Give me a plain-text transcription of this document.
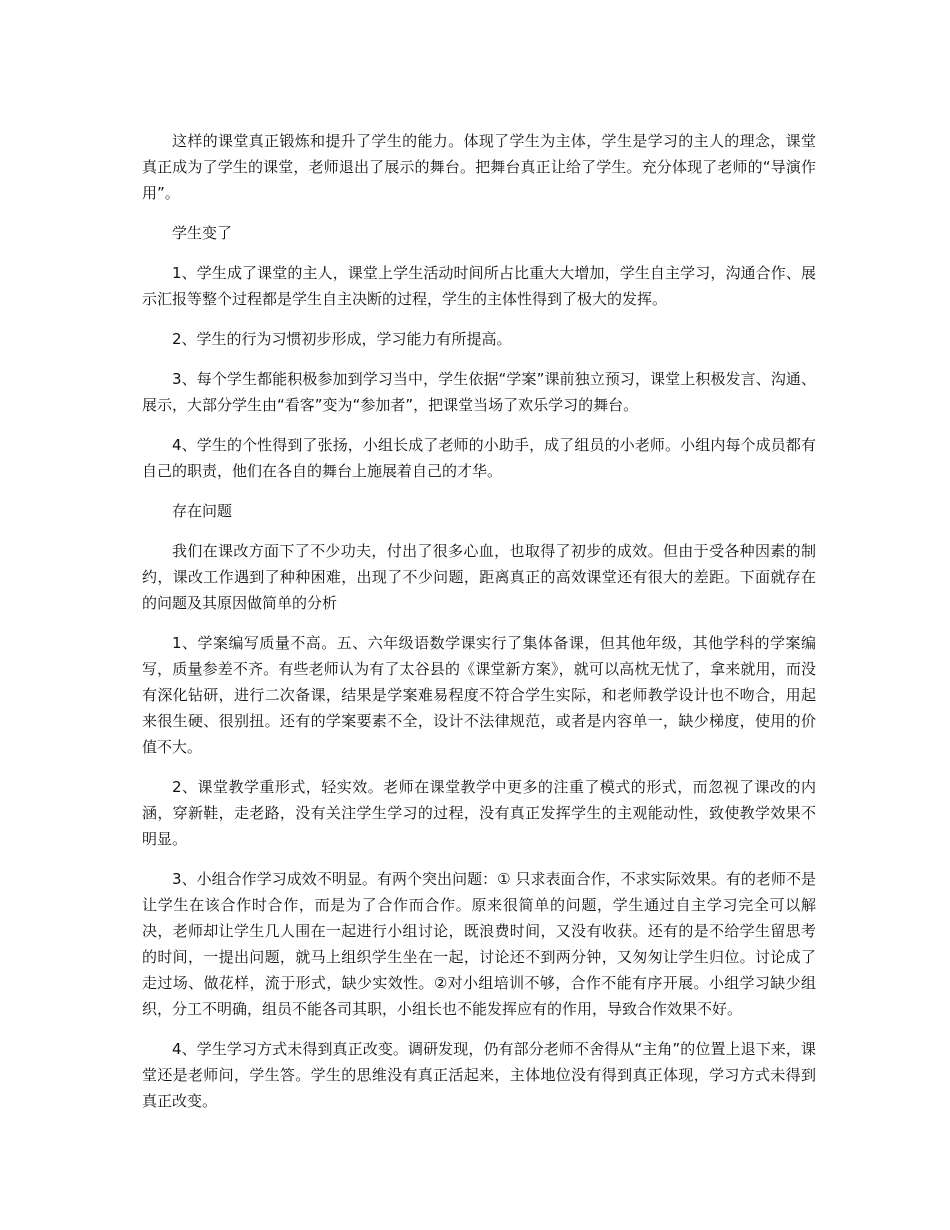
这样的课堂真正锻炼和提升了学生的能力。体现了学生为主体，学生是学习的主人的理念，课堂真正成为了学生的课堂，老师退出了展示的舞台。把舞台真正让给了学生。充分体现了老师的“导演作用”。

学生变了

1、学生成了课堂的主人，课堂上学生活动时间所占比重大大增加，学生自主学习，沟通合作、展示汇报等整个过程都是学生自主决断的过程，学生的主体性得到了极大的发挥。

2、学生的行为习惯初步形成，学习能力有所提高。

3、每个学生都能积极参加到学习当中，学生依据“学案”课前独立预习，课堂上积极发言、沟通、展示，大部分学生由“看客”变为“参加者”，把课堂当场了欢乐学习的舞台。

4、学生的个性得到了张扬，小组长成了老师的小助手，成了组员的小老师。小组内每个成员都有自己的职责，他们在各自的舞台上施展着自己的才华。

存在问题

我们在课改方面下了不少功夫，付出了很多心血，也取得了初步的成效。但由于受各种因素的制约，课改工作遇到了种种困难，出现了不少问题，距离真正的高效课堂还有很大的差距。下面就存在的问题及其原因做简单的分析

1、学案编写质量不高。五、六年级语数学课实行了集体备课，但其他年级，其他学科的学案编写，质量参差不齐。有些老师认为有了太谷县的《课堂新方案》，就可以高枕无忧了，拿来就用，而没有深化钻研，进行二次备课，结果是学案难易程度不符合学生实际，和老师教学设计也不吻合，用起来很生硬、很别扭。还有的学案要素不全，设计不法律规范，或者是内容单一，缺少梯度，使用的价值不大。

2、课堂教学重形式，轻实效。老师在课堂教学中更多的注重了模式的形式，而忽视了课改的内涵，穿新鞋，走老路，没有关注学生学习的过程，没有真正发挥学生的主观能动性，致使教学效果不明显。

3、小组合作学习成效不明显。有两个突出问题：① 只求表面合作，不求实际效果。有的老师不是让学生在该合作时合作，而是为了合作而合作。原来很简单的问题，学生通过自主学习完全可以解决，老师却让学生几人围在一起进行小组讨论，既浪费时间，又没有收获。还有的是不给学生留思考的时间，一提出问题，就马上组织学生坐在一起，讨论还不到两分钟，又匆匆让学生归位。讨论成了走过场、做花样，流于形式，缺少实效性。②对小组培训不够，合作不能有序开展。小组学习缺少组织，分工不明确，组员不能各司其职，小组长也不能发挥应有的作用，导致合作效果不好。

4、学生学习方式未得到真正改变。调研发现，仍有部分老师不舍得从“主角”的位置上退下来，课堂还是老师问，学生答。学生的思维没有真正活起来，主体地位没有得到真正体现，学习方式未得到真正改变。
